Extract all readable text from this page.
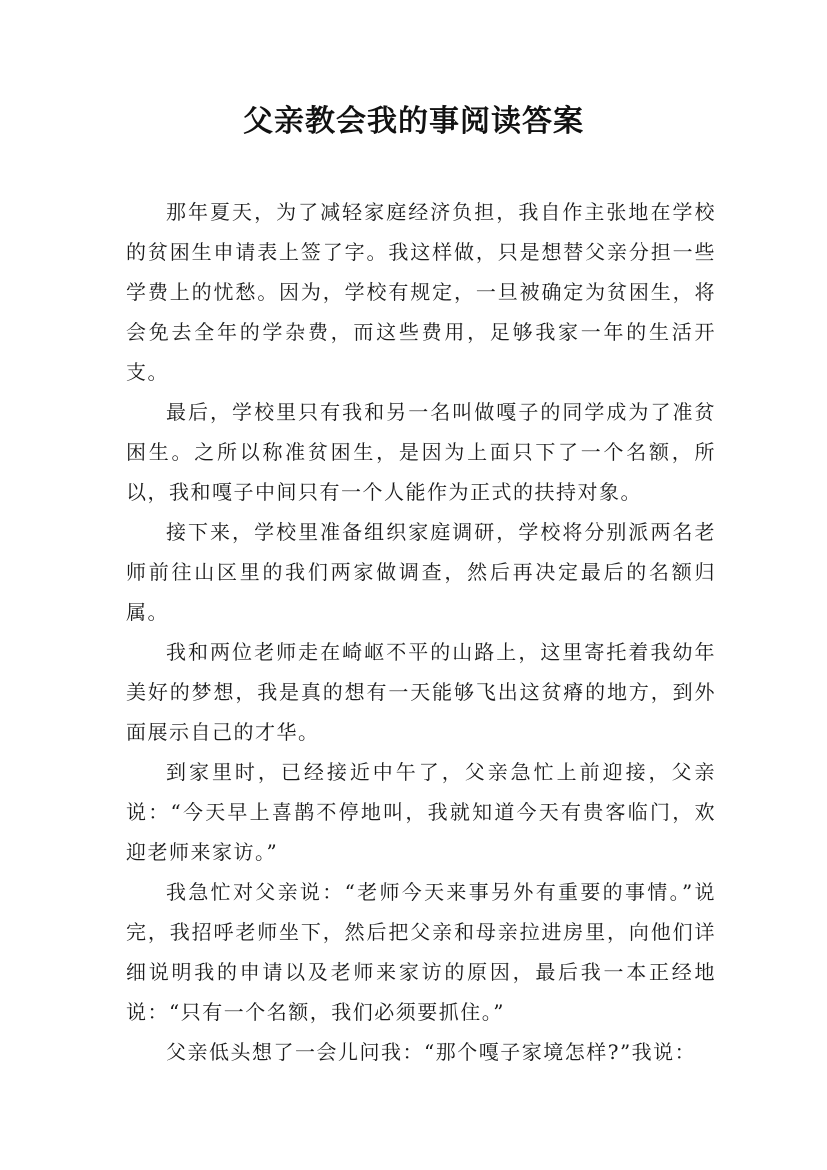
父亲教会我的事阅读答案

那年夏天，为了减轻家庭经济负担，我自作主张地在学校的贫困生申请表上签了字。我这样做，只是想替父亲分担一些学费上的忧愁。因为，学校有规定，一旦被确定为贫困生，将会免去全年的学杂费，而这些费用，足够我家一年的生活开支。

最后，学校里只有我和另一名叫做嘎子的同学成为了准贫困生。之所以称准贫困生，是因为上面只下了一个名额，所以，我和嘎子中间只有一个人能作为正式的扶持对象。

接下来，学校里准备组织家庭调研，学校将分别派两名老师前往山区里的我们两家做调查，然后再决定最后的名额归属。

我和两位老师走在崎岖不平的山路上，这里寄托着我幼年美好的梦想，我是真的想有一天能够飞出这贫瘠的地方，到外面展示自己的才华。

到家里时，已经接近中午了，父亲急忙上前迎接，父亲说：“今天早上喜鹊不停地叫，我就知道今天有贵客临门，欢迎老师来家访。”

我急忙对父亲说：“老师今天来事另外有重要的事情。”说完，我招呼老师坐下，然后把父亲和母亲拉进房里，向他们详细说明我的申请以及老师来家访的原因，最后我一本正经地说：“只有一个名额，我们必须要抓住。”

父亲低头想了一会儿问我：“那个嘎子家境怎样?”我说：
